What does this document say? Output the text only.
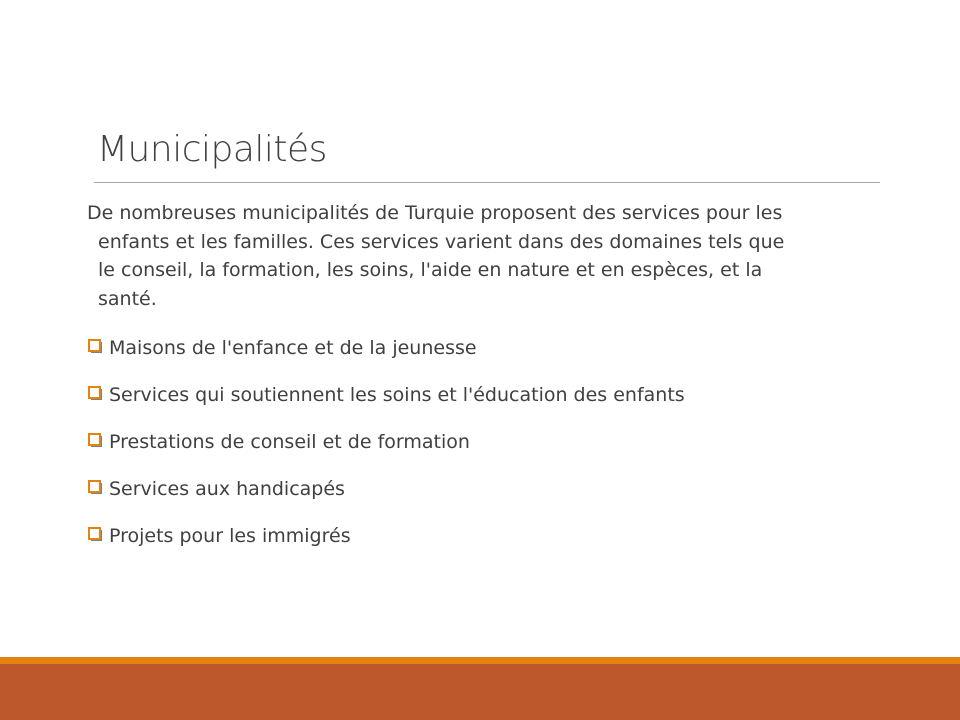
Municipalités
De nombreuses municipalités de Turquie proposent des services pour les
enfants et les familles. Ces services varient dans des domaines tels que
le conseil, la formation, les soins, l'aide en nature et en espèces, et la
santé.
Maisons de l'enfance et de la jeunesse
Services qui soutiennent les soins et l'éducation des enfants
Prestations de conseil et de formation
Services aux handicapés
Projets pour les immigrés
